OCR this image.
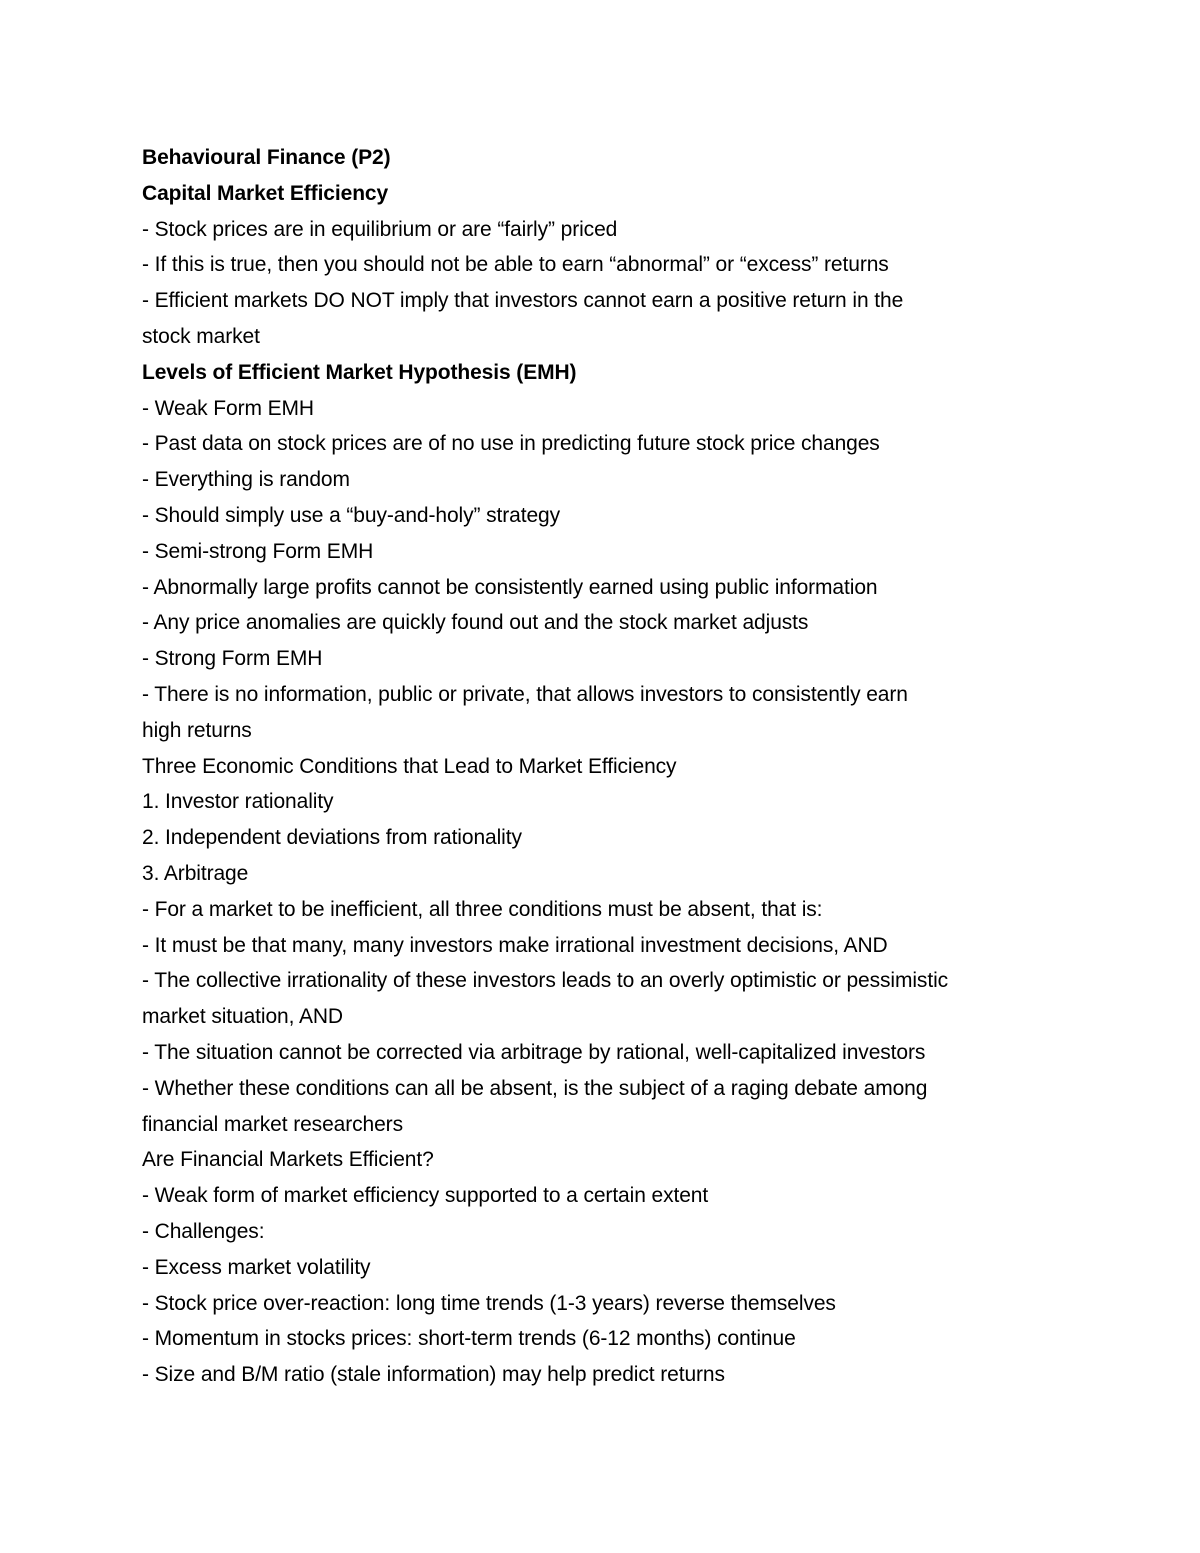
Behavioural Finance (P2)
Capital Market Efficiency
- Stock prices are in equilibrium or are “fairly” priced
- If this is true, then you should not be able to earn “abnormal” or “excess” returns
- Efficient markets DO NOT imply that investors cannot earn a positive return in the
stock market
Levels of Efficient Market Hypothesis (EMH)
- Weak Form EMH
- Past data on stock prices are of no use in predicting future stock price changes
- Everything is random
- Should simply use a “buy-and-holy” strategy
- Semi-strong Form EMH
- Abnormally large profits cannot be consistently earned using public information
- Any price anomalies are quickly found out and the stock market adjusts
- Strong Form EMH
- There is no information, public or private, that allows investors to consistently earn
high returns
Three Economic Conditions that Lead to Market Efficiency
1. Investor rationality
2. Independent deviations from rationality
3. Arbitrage
- For a market to be inefficient, all three conditions must be absent, that is:
- It must be that many, many investors make irrational investment decisions, AND
- The collective irrationality of these investors leads to an overly optimistic or pessimistic
market situation, AND
- The situation cannot be corrected via arbitrage by rational, well-capitalized investors
- Whether these conditions can all be absent, is the subject of a raging debate among
financial market researchers
Are Financial Markets Efficient?
- Weak form of market efficiency supported to a certain extent
- Challenges:
- Excess market volatility
- Stock price over-reaction: long time trends (1-3 years) reverse themselves
- Momentum in stocks prices: short-term trends (6-12 months) continue
- Size and B/M ratio (stale information) may help predict returns
